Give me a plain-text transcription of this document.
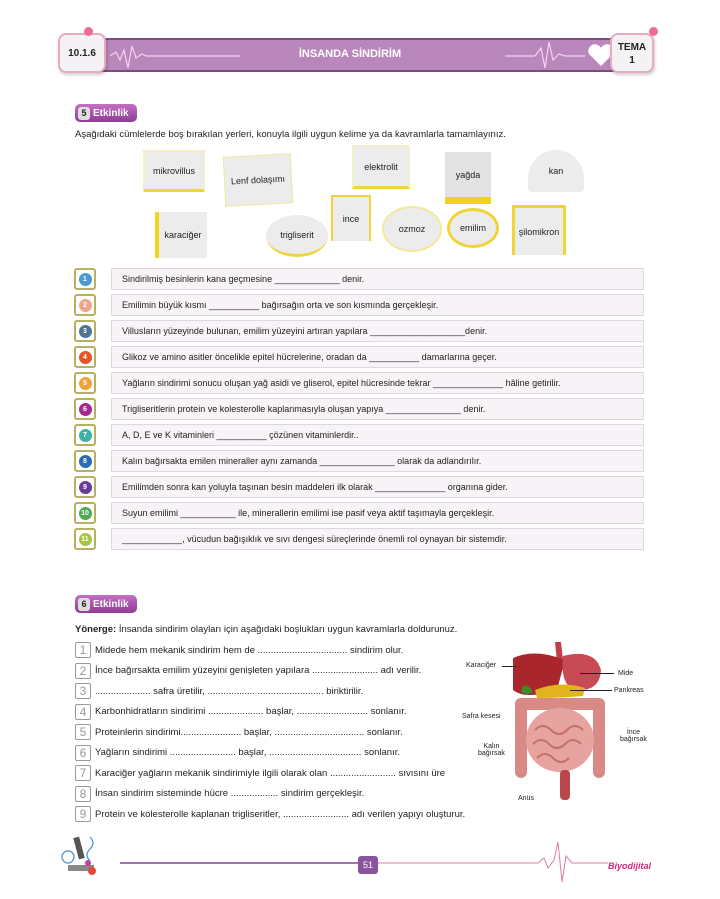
İNSANDA SİNDİRİM
10.1.6	TEMA
1
5 Etkinlik
Aşağıdaki cümlelerde boş bırakılan yerleri, konuyla ilgili uygun kelime ya da kavramlarla tamamlayınız.
mikrovillus
Lenf dolaşımı
elektrolit
yağda	kan
karaciğer	trigliserit
ince
ozmoz	emilim	şilomikron
1	Sindirilmiş besinlerin kana geçmesine _____________ denir.
2	Emilimin büyük kısmı __________ bağırsağın orta ve son kısmında gerçekleşir.
3	Villusların yüzeyinde bulunan, emilim yüzeyini artıran yapılara ___________________denir.
4	Glikoz ve amino asitler öncelikle epitel hücrelerine, oradan da __________ damarlarına geçer.
5	Yağların sindirimi sonucu oluşan yağ asidi ve gliserol, epitel hücresinde tekrar ______________ hâline getirilir.
6	Trigliseritlerin protein ve kolesterolle kaplanmasıyla oluşan yapıya _______________ denir.
7	A, D, E ve K vitaminleri __________ çözünen vitaminlerdir..
8	Kalın bağırsakta emilen mineraller aynı zamanda _______________ olarak da adlandırılır.
9	Emilimden sonra kan yoluyla taşınan besin maddeleri ilk olarak ______________ organına gider.
10	Suyun emilimi ___________ ile, minerallerin emilimi ise pasif veya aktif taşımayla gerçekleşir.
11	____________, vücudun bağışıklık ve sıvı dengesi süreçlerinde önemli rol oynayan bir sistemdir.
6 Etkinlik
Yönerge: İnsanda sindirim olayları için aşağıdaki boşlukları uygun kavramlarla doldurunuz.
1 Midede hem mekanik sindirim hem de .................................. sindirim olur.
2 İnce bağırsakta emilim yüzeyini genişleten yapılara ......................... adı verilir.
3 ..................... safra üretilir, .................. ......................... biriktirilir.
4 Karbonhidratların sindirimi ..................... başlar, ........................... sonlanır.
5 Proteinlerin sindirimi....................... başlar, .................................. sonlanır.
6 Yağların sindirimi ......................... başlar, ................................... sonlanır.
7 Karaciğer yağların mekanik sindirimiyle ilgili olarak olan ......................... sıvısını üre
8 İnsan sindirim sisteminde hücre .................. sindirim gerçekleşir.
9 Protein ve kolesterolle kaplanan trigliseritler, ......................... adı verilen yapıyı oluşturur.
Karaciğer
Mide
Pankreas
Safra kesesi
İnce
bağırsak
Kalın
bağırsak
Anüs
51	Biyodijital
